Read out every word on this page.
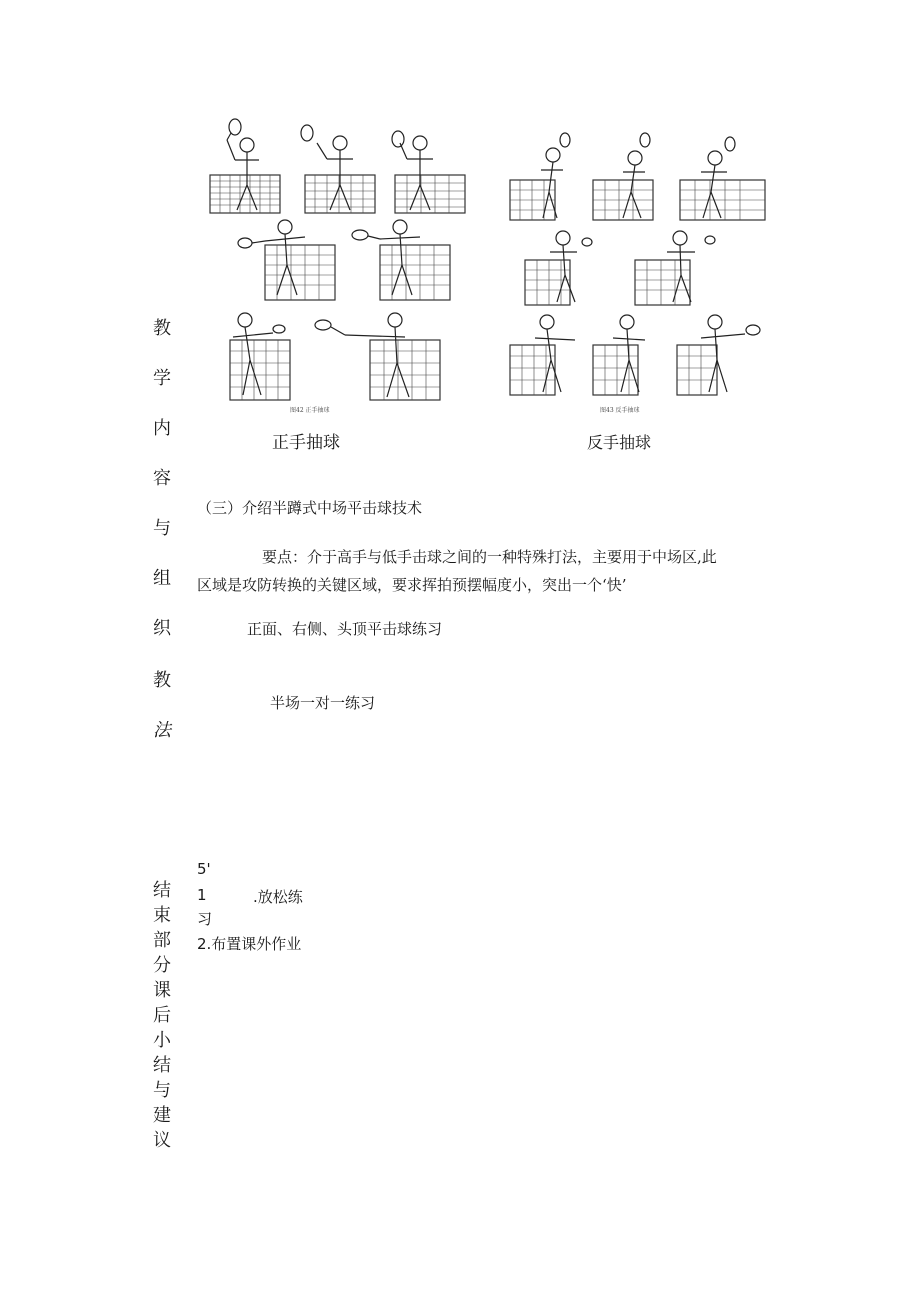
教
学
内
容
与
组
织
教
法
图42 正手抽球	图43 反手抽球
正手抽球	反手抽球
（三）介绍半蹲式中场平击球技术
要点：介于高手与低手击球之间的一种特殊打法，主要用于中场区,此
区域是攻防转换的关键区域，要求挥拍预摆幅度小，突出一个‘快’
正面、右侧、头顶平击球练习
半场一对一练习
结
束
部
分
课
后
小
结
与
建
议
5'
1	.放松练
习
2.布置课外作业
